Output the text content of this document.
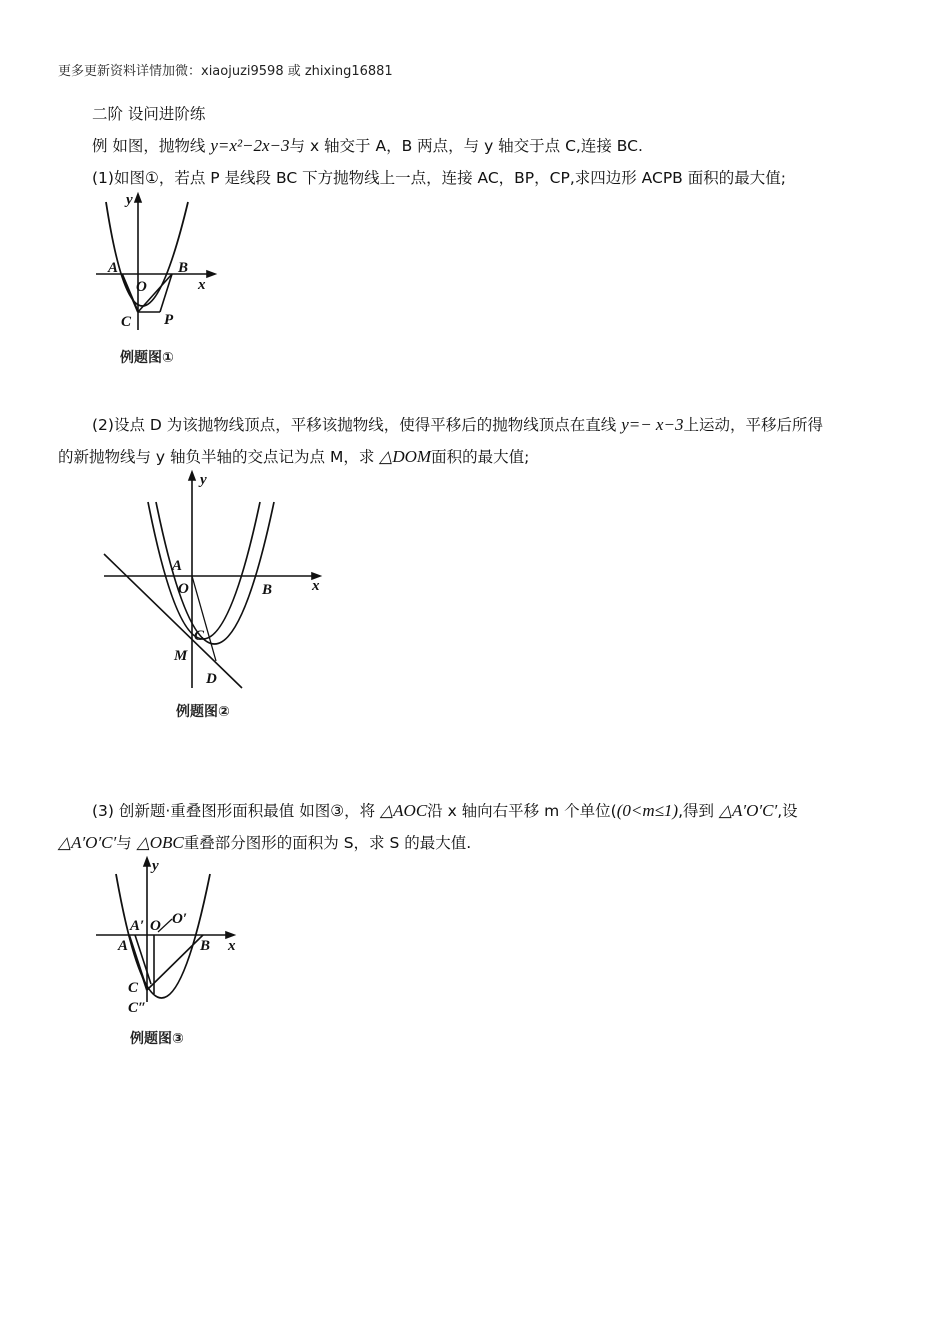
更多更新资料详情加微：xiaojuzi9598 或 zhixing16881
二阶 设问进阶练
例 如图，抛物线 y=x²−2x−3与 x 轴交于 A，B 两点，与 y 轴交于点 C,连接 BC.
(1)如图①，若点 P 是线段 BC 下方抛物线上一点，连接 AC，BP，CP,求四边形 ACPB 面积的最大值;
y
x
A
O
B
C P
例题图①
(2)设点 D 为该抛物线顶点，平移该抛物线，使得平移后的抛物线顶点在直线 y=− x−3上运动，平移后所得
的新抛物线与 y 轴负半轴的交点记为点 M，求 △DOM面积的最大值;
y
x
A
O	B
C
M
D
例题图②
(3) 创新题·重叠图形面积最值 如图③，将 △AOC沿 x 轴向右平移 m 个单位((0<m≤1),得到 △A′O′C′,设
△A′O′C′与 △OBC重叠部分图形的面积为 S，求 S 的最大值.
y
x
A′ O O′
A	B
C
C″
例题图③
